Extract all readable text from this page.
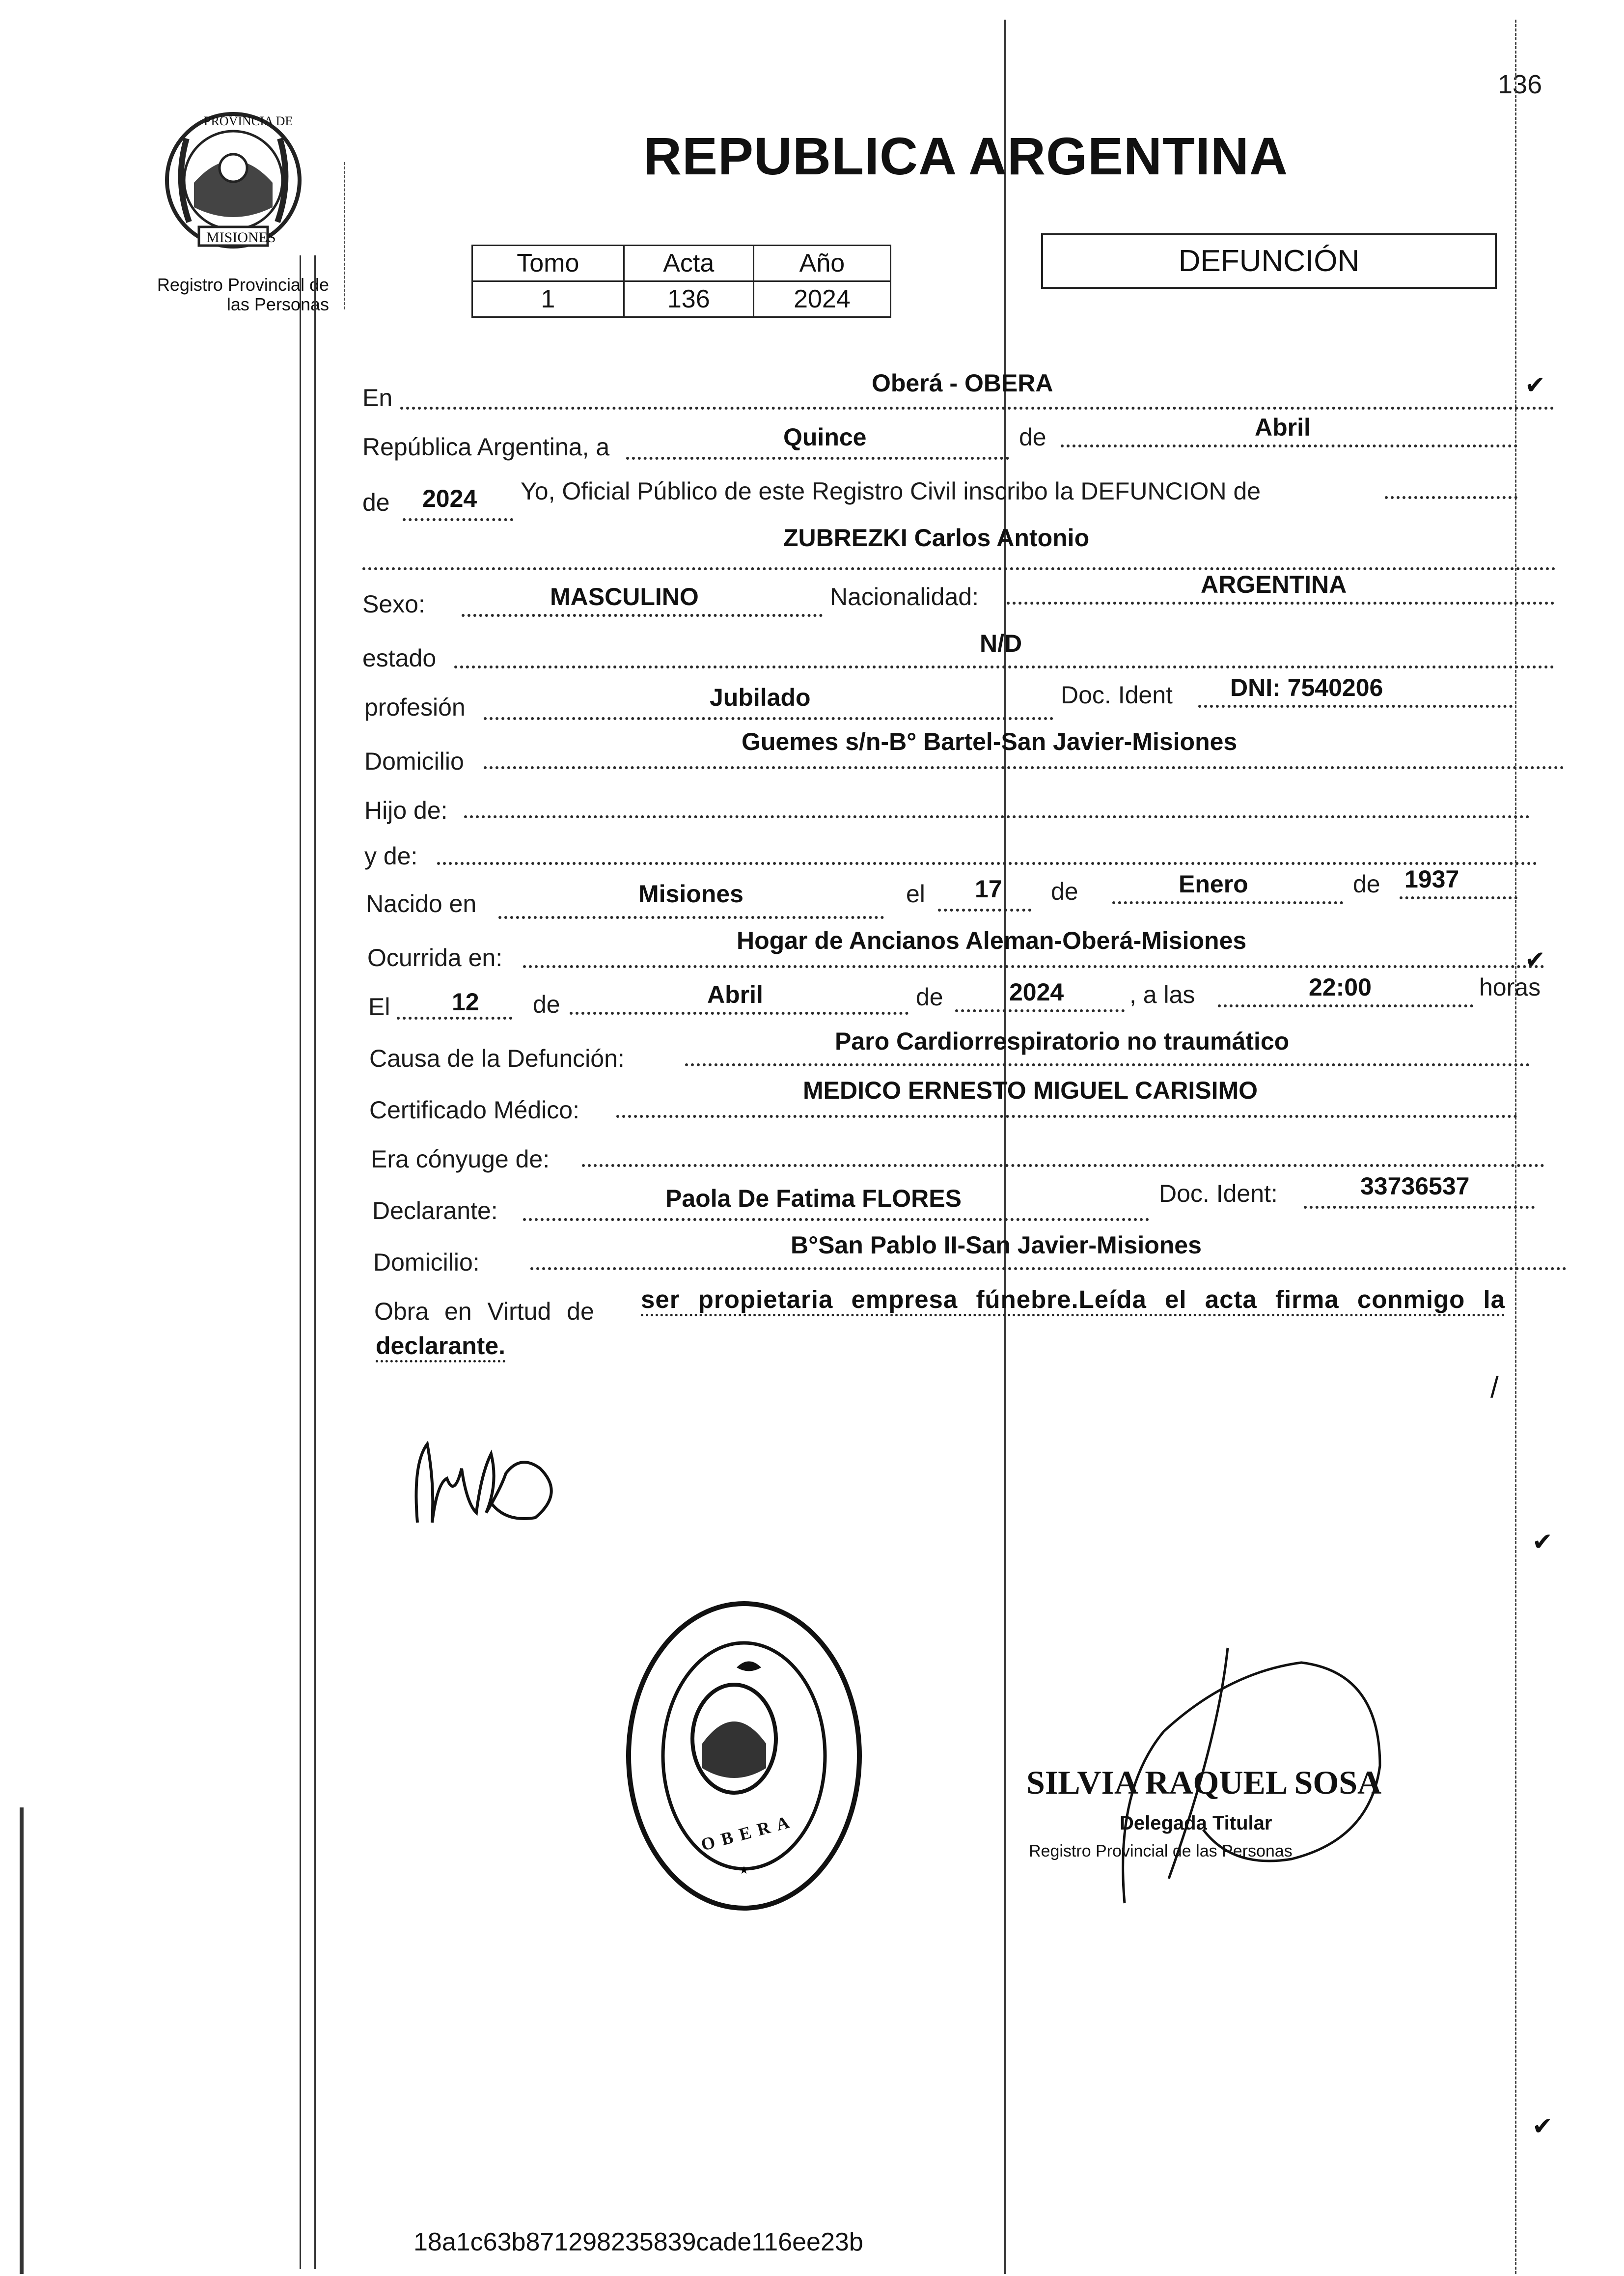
136
PROVINCIA DE
MISIONES
Registro Provincial de
las Personas
REPUBLICA ARGENTINA
Tomo	Acta	Año
1	136	2024
DEFUNCIÓN
En
Oberá - OBERA
República Argentina, a	Quince	de	Abril
de 2024 Yo, Oficial Público de este Registro Civil inscribo la DEFUNCION de
ZUBREZKI Carlos Antonio
Sexo:	MASCULINO	Nacionalidad:	ARGENTINA
estado
N/D
profesión	Jubilado	Doc. Ident DNI: 7540206
Domicilio
Guemes s/n-B° Bartel-San Javier-Misiones
Hijo de:
y de:
Nacido en	Misiones	el 17 de	Enero	de 1937
Ocurrida en:
Hogar de Ancianos Aleman-Oberá-Misiones
El	12 de	Abril	de	2024	, a las	22:00	horas
Causa de la Defunción:
Paro Cardiorrespiratorio no traumático
Certificado Médico:
MEDICO ERNESTO MIGUEL CARISIMO
Era cónyuge de:
Declarante:	Paola De Fatima FLORES	Doc. Ident:	33736537
Domicilio:
B°San Pablo II-San Javier-Misiones
Obra en Virtud de ser propietaria empresa fúnebre.Leída el acta firma conmigo la
declarante.
★
OBERA
SILVIA RAQUEL SOSA
Delegada Titular
Registro Provincial de las Personas
✔
✔
✔
✔
/
18a1c63b871298235839cade116ee23b
